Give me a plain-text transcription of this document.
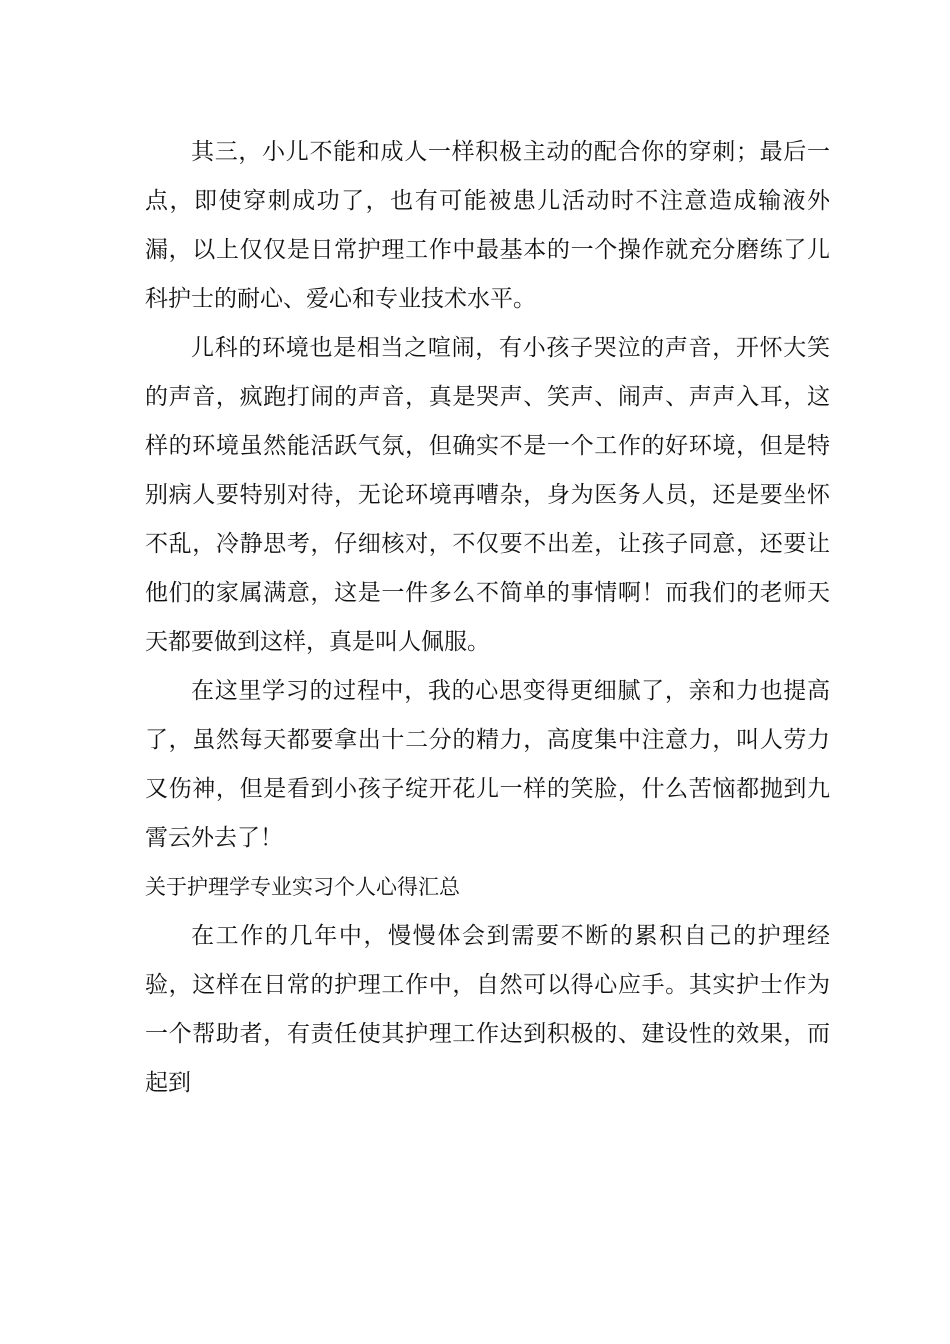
其三，小儿不能和成人一样积极主动的配合你的穿刺；最后一点，即使穿刺成功了，也有可能被患儿活动时不注意造成输液外漏，以上仅仅是日常护理工作中最基本的一个操作就充分磨练了儿科护士的耐心、爱心和专业技术水平。

儿科的环境也是相当之喧闹，有小孩子哭泣的声音，开怀大笑的声音，疯跑打闹的声音，真是哭声、笑声、闹声、声声入耳，这样的环境虽然能活跃气氛，但确实不是一个工作的好环境，但是特别病人要特别对待，无论环境再嘈杂，身为医务人员，还是要坐怀不乱，冷静思考，仔细核对，不仅要不出差，让孩子同意，还要让他们的家属满意，这是一件多么不简单的事情啊！而我们的老师天天都要做到这样，真是叫人佩服。

在这里学习的过程中，我的心思变得更细腻了，亲和力也提高了，虽然每天都要拿出十二分的精力，高度集中注意力，叫人劳力又伤神，但是看到小孩子绽开花儿一样的笑脸，什么苦恼都抛到九霄云外去了！

关于护理学专业实习个人心得汇总

在工作的几年中，慢慢体会到需要不断的累积自己的护理经验，这样在日常的护理工作中，自然可以得心应手。其实护士作为一个帮助者，有责任使其护理工作达到积极的、建设性的效果，而起到
